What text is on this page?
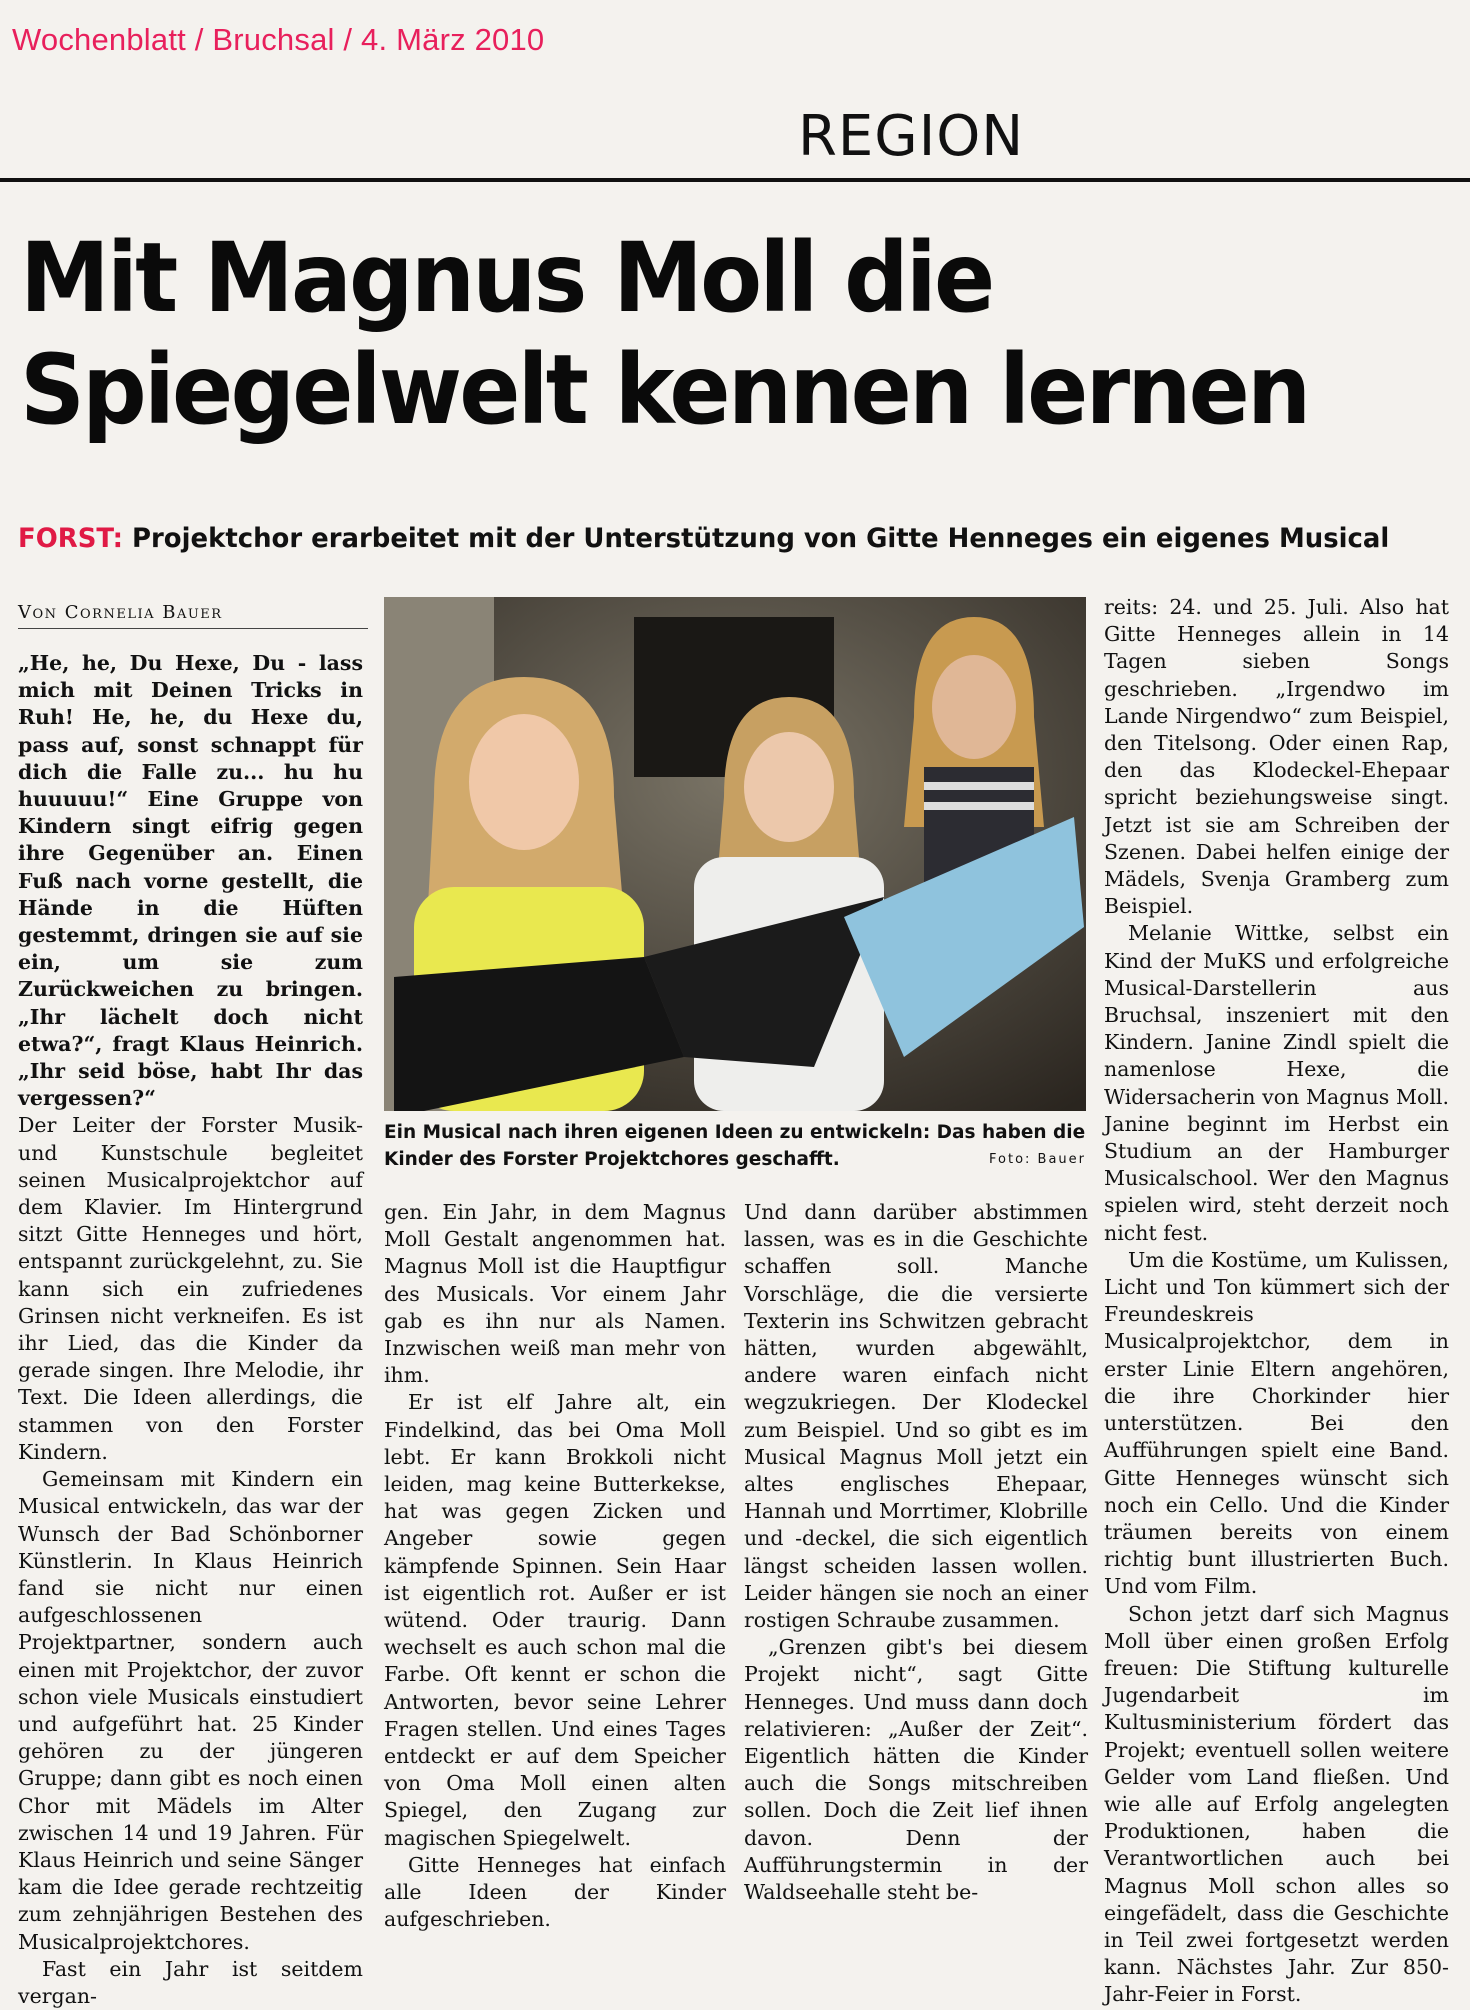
Wochenblatt / Bruchsal / 4. März 2010
REGION
Mit Magnus Moll die
Spiegelwelt kennen lernen
FORST: Projektchor erarbeitet mit der Unterstützung von Gitte Henneges ein eigenes Musical
Von Cornelia Bauer

„He, he, Du Hexe, Du - lass mich mit Deinen Tricks in Ruh! He, he, du Hexe du, pass auf, sonst schnappt für dich die Falle zu... hu hu huuuuu!“ Eine Gruppe von Kindern singt eifrig gegen ihre Gegenüber an. Einen Fuß nach vorne gestellt, die Hände in die Hüften gestemmt, dringen sie auf sie ein, um sie zum Zurückweichen zu bringen. „Ihr lächelt doch nicht etwa?“, fragt Klaus Heinrich. „Ihr seid böse, habt Ihr das vergessen?“

Der Leiter der Forster Musik- und Kunstschule begleitet seinen Musicalprojektchor auf dem Klavier. Im Hintergrund sitzt Gitte Henneges und hört, entspannt zurückgelehnt, zu. Sie kann sich ein zufriedenes Grinsen nicht verkneifen. Es ist ihr Lied, das die Kinder da gerade singen. Ihre Melodie, ihr Text. Die Ideen allerdings, die stammen von den Forster Kindern.

Gemeinsam mit Kindern ein Musical entwickeln, das war der Wunsch der Bad Schönborner Künstlerin. In Klaus Heinrich fand sie nicht nur einen aufgeschlossenen Projektpartner, sondern auch einen mit Projektchor, der zuvor schon viele Musicals einstudiert und aufgeführt hat. 25 Kinder gehören zu der jüngeren Gruppe; dann gibt es noch einen Chor mit Mädels im Alter zwischen 14 und 19 Jahren. Für Klaus Heinrich und seine Sänger kam die Idee gerade rechtzeitig zum zehnjährigen Bestehen des Musicalprojektchores.

Fast ein Jahr ist seitdem vergan-

Ein Musical nach ihren eigenen Ideen zu entwickeln: Das haben die Kinder des Forster Projektchores geschafft.	Foto: Bauer

gen. Ein Jahr, in dem Magnus Moll Gestalt angenommen hat. Magnus Moll ist die Hauptfigur des Musicals. Vor einem Jahr gab es ihn nur als Namen. Inzwischen weiß man mehr von ihm.

Er ist elf Jahre alt, ein Findelkind, das bei Oma Moll lebt. Er kann Brokkoli nicht leiden, mag keine Butterkekse, hat was gegen Zicken und Angeber sowie gegen kämpfende Spinnen. Sein Haar ist eigentlich rot. Außer er ist wütend. Oder traurig. Dann wechselt es auch schon mal die Farbe. Oft kennt er schon die Antworten, bevor seine Lehrer Fragen stellen. Und eines Tages entdeckt er auf dem Speicher von Oma Moll einen alten Spiegel, den Zugang zur magischen Spiegelwelt.

Gitte Henneges hat einfach alle Ideen der Kinder aufgeschrieben.

Und dann darüber abstimmen lassen, was es in die Geschichte schaffen soll. Manche Vorschläge, die die versierte Texterin ins Schwitzen gebracht hätten, wurden abgewählt, andere waren einfach nicht wegzukriegen. Der Klodeckel zum Beispiel. Und so gibt es im Musical Magnus Moll jetzt ein altes englisches Ehepaar, Hannah und Morrtimer, Klobrille und -deckel, die sich eigentlich längst scheiden lassen wollen. Leider hängen sie noch an einer rostigen Schraube zusammen.

„Grenzen gibt's bei diesem Projekt nicht“, sagt Gitte Henneges. Und muss dann doch relativieren: „Außer der Zeit“. Eigentlich hätten die Kinder auch die Songs mitschreiben sollen. Doch die Zeit lief ihnen davon. Denn der Aufführungstermin in der Waldseehalle steht be-

reits: 24. und 25. Juli. Also hat Gitte Henneges allein in 14 Tagen sieben Songs geschrieben. „Irgendwo im Lande Nirgendwo“ zum Beispiel, den Titelsong. Oder einen Rap, den das Klodeckel-Ehepaar spricht beziehungsweise singt. Jetzt ist sie am Schreiben der Szenen. Dabei helfen einige der Mädels, Svenja Gramberg zum Beispiel.

Melanie Wittke, selbst ein Kind der MuKS und erfolgreiche Musical-Darstellerin aus Bruchsal, inszeniert mit den Kindern. Janine Zindl spielt die namenlose Hexe, die Widersacherin von Magnus Moll. Janine beginnt im Herbst ein Studium an der Hamburger Musicalschool. Wer den Magnus spielen wird, steht derzeit noch nicht fest.

Um die Kostüme, um Kulissen, Licht und Ton kümmert sich der Freundeskreis Musicalprojektchor, dem in erster Linie Eltern angehören, die ihre Chorkinder hier unterstützen. Bei den Aufführungen spielt eine Band. Gitte Henneges wünscht sich noch ein Cello. Und die Kinder träumen bereits von einem richtig bunt illustrierten Buch. Und vom Film.

Schon jetzt darf sich Magnus Moll über einen großen Erfolg freuen: Die Stiftung kulturelle Jugendarbeit im Kultusministerium fördert das Projekt; eventuell sollen weitere Gelder vom Land fließen. Und wie alle auf Erfolg angelegten Produktionen, haben die Verantwortlichen auch bei Magnus Moll schon alles so eingefädelt, dass die Geschichte in Teil zwei fortgesetzt werden kann. Nächstes Jahr. Zur 850-Jahr-Feier in Forst.
